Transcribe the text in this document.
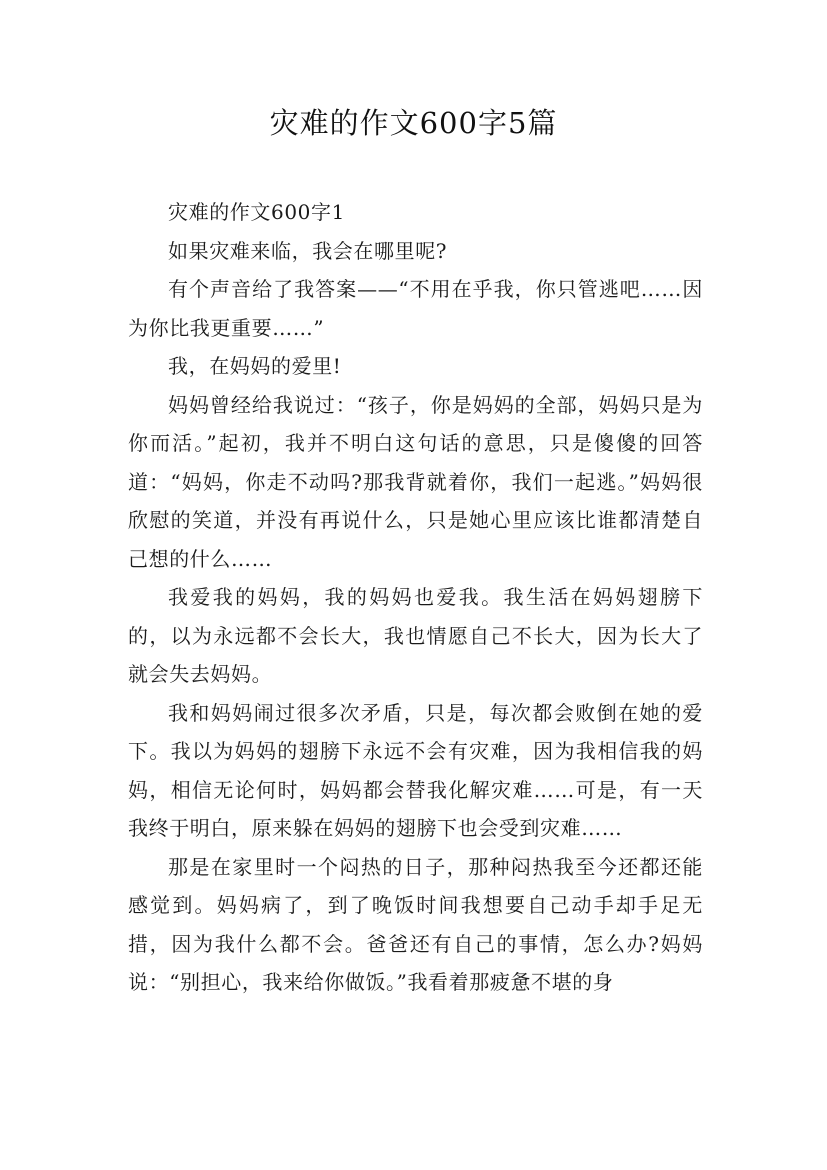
灾难的作文600字5篇

灾难的作文600字1

如果灾难来临，我会在哪里呢?

有个声音给了我答案——“不用在乎我，你只管逃吧……因为你比我更重要……”

我，在妈妈的爱里!

妈妈曾经给我说过：“孩子，你是妈妈的全部，妈妈只是为你而活。”起初，我并不明白这句话的意思，只是傻傻的回答道：“妈妈，你走不动吗?那我背就着你，我们一起逃。”妈妈很欣慰的笑道，并没有再说什么，只是她心里应该比谁都清楚自己想的什么……

我爱我的妈妈，我的妈妈也爱我。我生活在妈妈翅膀下的，以为永远都不会长大，我也情愿自己不长大，因为长大了就会失去妈妈。

我和妈妈闹过很多次矛盾，只是，每次都会败倒在她的爱下。我以为妈妈的翅膀下永远不会有灾难，因为我相信我的妈妈，相信无论何时，妈妈都会替我化解灾难……可是，有一天我终于明白，原来躲在妈妈的翅膀下也会受到灾难……

那是在家里时一个闷热的日子，那种闷热我至今还都还能感觉到。妈妈病了，到了晚饭时间我想要自己动手却手足无措，因为我什么都不会。爸爸还有自己的事情，怎么办?妈妈说：“别担心，我来给你做饭。”我看着那疲惫不堪的身
